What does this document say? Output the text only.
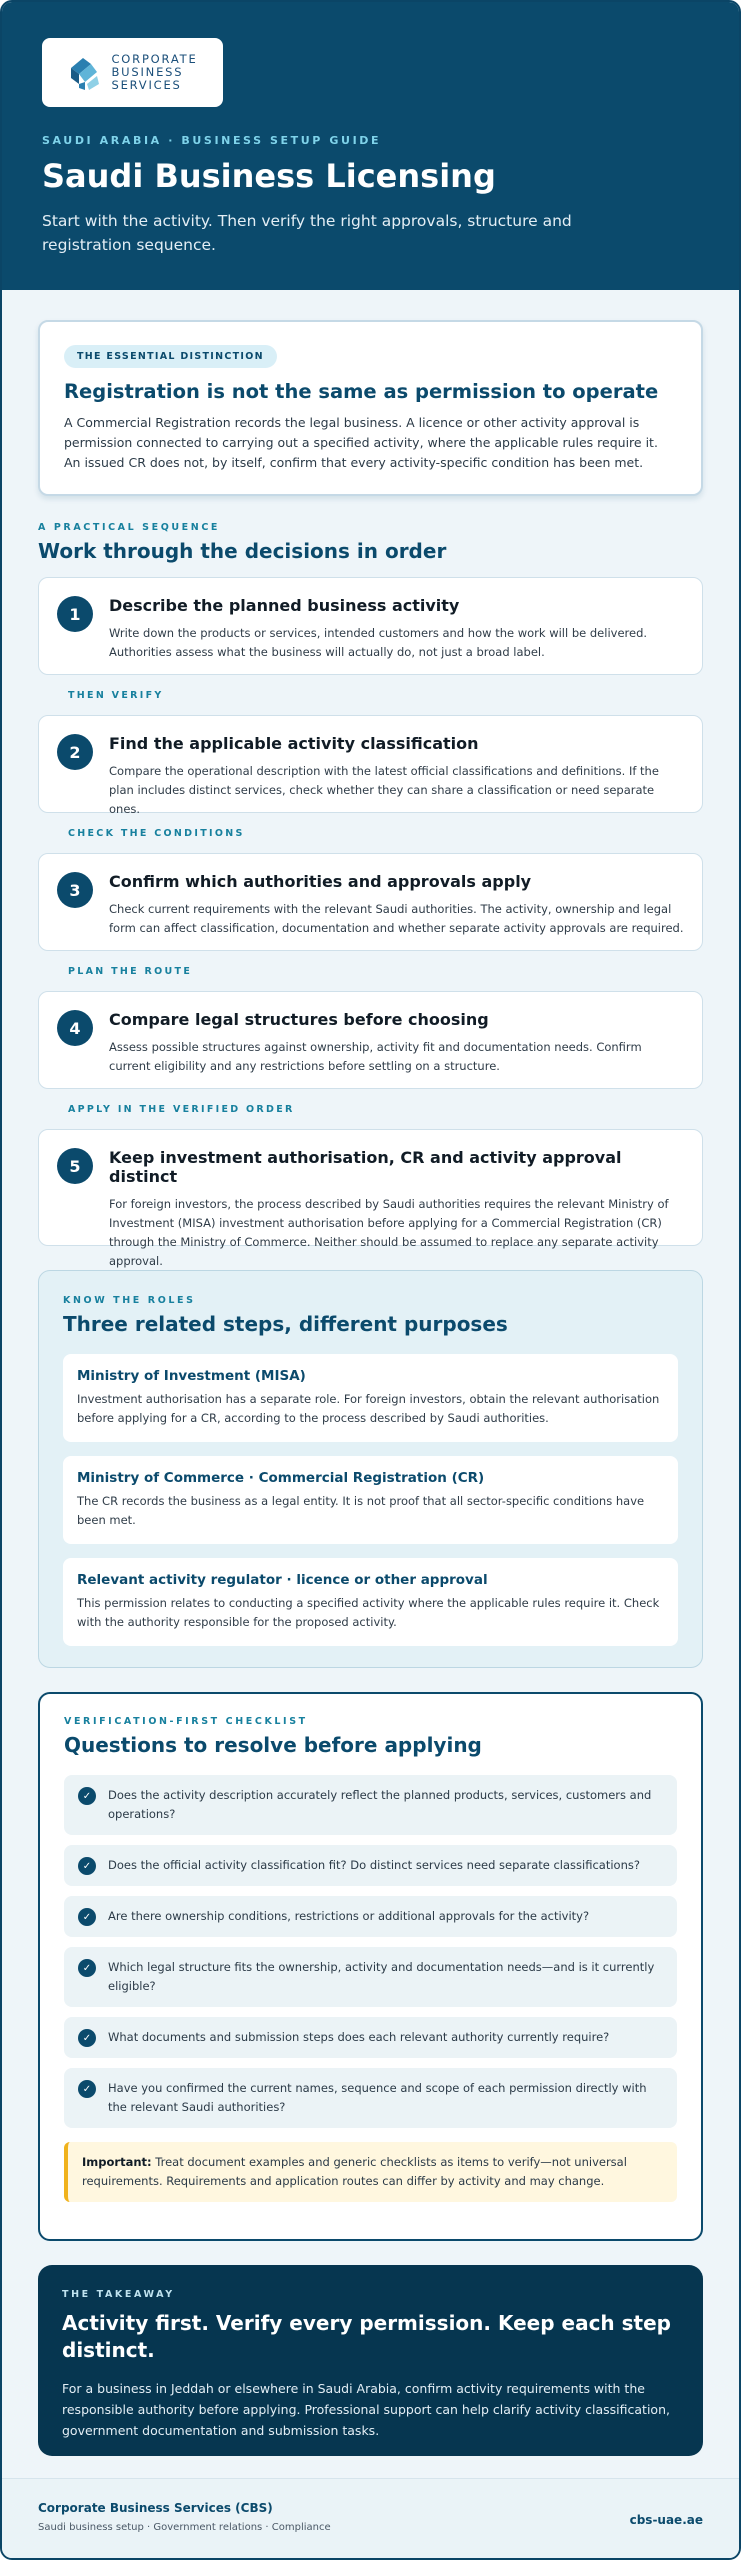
CORPORATE
BUSINESS
SERVICES
SAUDI ARABIA · BUSINESS SETUP GUIDE
Saudi Business Licensing

Start with the activity. Then verify the right approvals, structure and registration sequence.

THE ESSENTIAL DISTINCTION
Registration is not the same as permission to operate

A Commercial Registration records the legal business. A licence or other activity approval is permission connected to carrying out a specified activity, where the applicable rules require it. An issued CR does not, by itself, confirm that every activity-specific condition has been met.

A PRACTICAL SEQUENCE
Work through the decisions in order
1	Describe the planned business activity
Write down the products or services, intended customers and how the work will be delivered. Authorities assess what the business will actually do, not just a broad label.
THEN VERIFY
2	Find the applicable activity classification
Compare the operational description with the latest official classifications and definitions. If the plan includes distinct services, check whether they can share a classification or need separate ones.
CHECK THE CONDITIONS
3	Confirm which authorities and approvals apply
Check current requirements with the relevant Saudi authorities. The activity, ownership and legal form can affect classification, documentation and whether separate activity approvals are required.
PLAN THE ROUTE
4	Compare legal structures before choosing
Assess possible structures against ownership, activity fit and documentation needs. Confirm current eligibility and any restrictions before settling on a structure.
APPLY IN THE VERIFIED ORDER
5	Keep investment authorisation, CR and activity approval distinct
For foreign investors, the process described by Saudi authorities requires the relevant Ministry of Investment (MISA) investment authorisation before applying for a Commercial Registration (CR) through the Ministry of Commerce. Neither should be assumed to replace any separate activity approval.
KNOW THE ROLES
Three related steps, different purposes
Ministry of Investment (MISA)
Investment authorisation has a separate role. For foreign investors, obtain the relevant authorisation before applying for a CR, according to the process described by Saudi authorities.
Ministry of Commerce · Commercial Registration (CR)
The CR records the business as a legal entity. It is not proof that all sector-specific conditions have been met.
Relevant activity regulator · licence or other approval
This permission relates to conducting a specified activity where the applicable rules require it. Check with the authority responsible for the proposed activity.
VERIFICATION-FIRST CHECKLIST
Questions to resolve before applying
✓	Does the activity description accurately reflect the planned products, services, customers and operations?
✓	Does the official activity classification fit? Do distinct services need separate classifications?
✓	Are there ownership conditions, restrictions or additional approvals for the activity?
✓	Which legal structure fits the ownership, activity and documentation needs—and is it currently eligible?
✓	What documents and submission steps does each relevant authority currently require?
✓	Have you confirmed the current names, sequence and scope of each permission directly with the relevant Saudi authorities?
Important: Treat document examples and generic checklists as items to verify—not universal requirements. Requirements and application routes can differ by activity and may change.
THE TAKEAWAY
Activity first. Verify every permission. Keep each step distinct.

For a business in Jeddah or elsewhere in Saudi Arabia, confirm activity requirements with the responsible authority before applying. Professional support can help clarify activity classification, government documentation and submission tasks.

Corporate Business Services (CBS)
Saudi business setup · Government relations · Compliance
cbs-uae.ae
